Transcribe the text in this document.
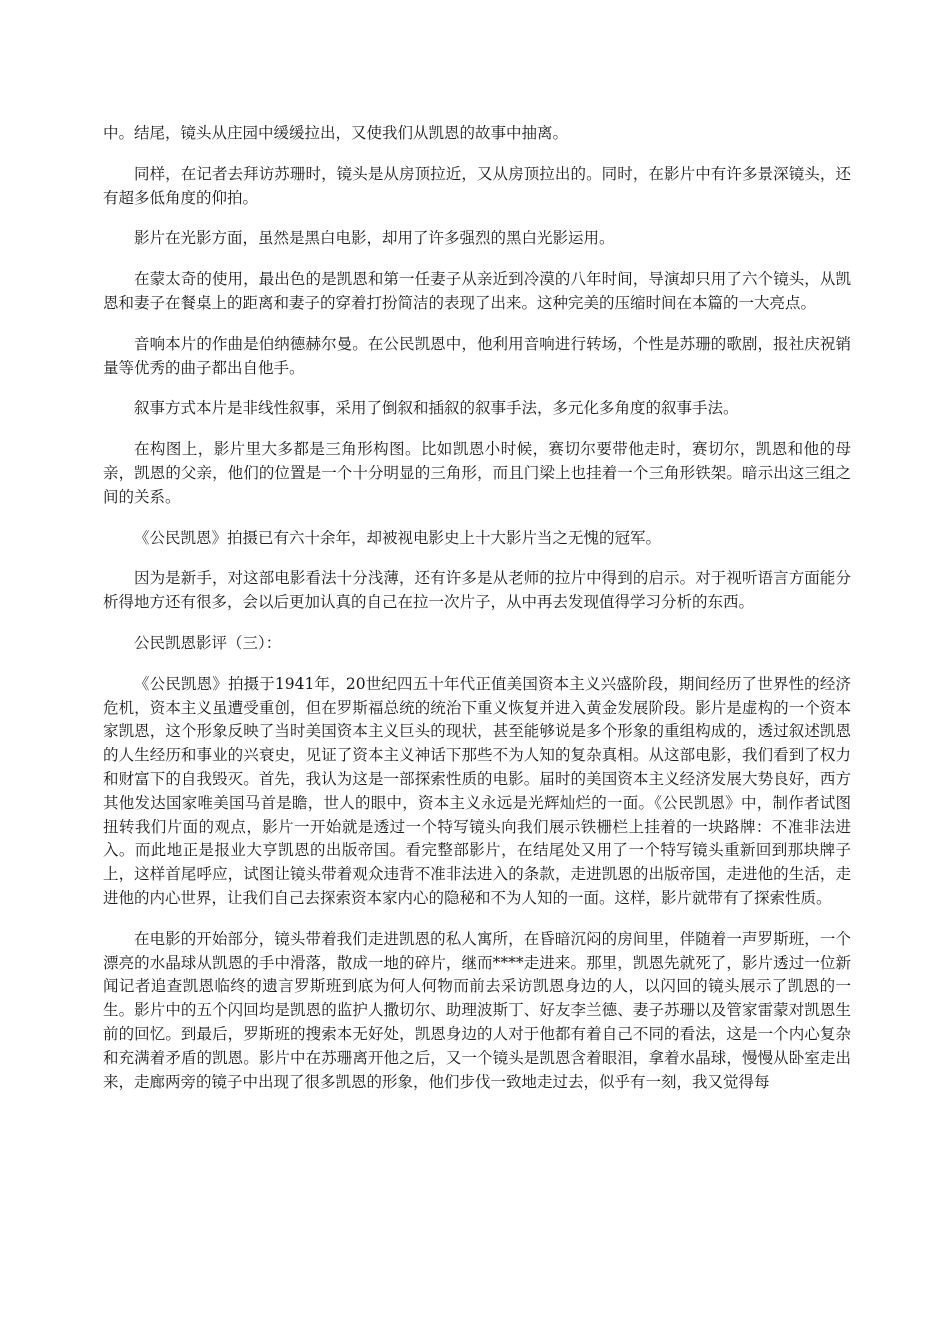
中。结尾，镜头从庄园中缓缓拉出，又使我们从凯恩的故事中抽离。

同样，在记者去拜访苏珊时，镜头是从房顶拉近，又从房顶拉出的。同时，在影片中有许多景深镜头，还有超多低角度的仰拍。

影片在光影方面，虽然是黑白电影，却用了许多强烈的黑白光影运用。

在蒙太奇的使用，最出色的是凯恩和第一任妻子从亲近到冷漠的八年时间，导演却只用了六个镜头，从凯恩和妻子在餐桌上的距离和妻子的穿着打扮简洁的表现了出来。这种完美的压缩时间在本篇的一大亮点。

音响本片的作曲是伯纳德赫尔曼。在公民凯恩中，他利用音响进行转场，个性是苏珊的歌剧，报社庆祝销量等优秀的曲子都出自他手。

叙事方式本片是非线性叙事，采用了倒叙和插叙的叙事手法，多元化多角度的叙事手法。

在构图上，影片里大多都是三角形构图。比如凯恩小时候，赛切尔要带他走时，赛切尔，凯恩和他的母亲，凯恩的父亲，他们的位置是一个十分明显的三角形，而且门梁上也挂着一个三角形铁架。暗示出这三组之间的关系。

《公民凯恩》拍摄已有六十余年，却被视电影史上十大影片当之无愧的冠军。

因为是新手，对这部电影看法十分浅薄，还有许多是从老师的拉片中得到的启示。对于视听语言方面能分析得地方还有很多，会以后更加认真的自己在拉一次片子，从中再去发现值得学习分析的东西。

公民凯恩影评（三）：

《公民凯恩》拍摄于1941年，20世纪四五十年代正值美国资本主义兴盛阶段，期间经历了世界性的经济危机，资本主义虽遭受重创，但在罗斯福总统的统治下重义恢复并进入黄金发展阶段。影片是虚构的一个资本家凯恩，这个形象反映了当时美国资本主义巨头的现状，甚至能够说是多个形象的重组构成的，透过叙述凯恩的人生经历和事业的兴衰史，见证了资本主义神话下那些不为人知的复杂真相。从这部电影，我们看到了权力和财富下的自我毁灭。首先，我认为这是一部探索性质的电影。届时的美国资本主义经济发展大势良好，西方其他发达国家唯美国马首是瞻，世人的眼中，资本主义永远是光辉灿烂的一面。《公民凯恩》中，制作者试图扭转我们片面的观点，影片一开始就是透过一个特写镜头向我们展示铁栅栏上挂着的一块路牌：不准非法进入。而此地正是报业大亨凯恩的出版帝国。看完整部影片，在结尾处又用了一个特写镜头重新回到那块牌子上，这样首尾呼应，试图让镜头带着观众违背不准非法进入的条款，走进凯恩的出版帝国，走进他的生活，走进他的内心世界，让我们自己去探索资本家内心的隐秘和不为人知的一面。这样，影片就带有了探索性质。

在电影的开始部分，镜头带着我们走进凯恩的私人寓所，在昏暗沉闷的房间里，伴随着一声罗斯班，一个漂亮的水晶球从凯恩的手中滑落，散成一地的碎片，继而****走进来。那里，凯恩先就死了，影片透过一位新闻记者追查凯恩临终的遗言罗斯班到底为何人何物而前去采访凯恩身边的人，以闪回的镜头展示了凯恩的一生。影片中的五个闪回均是凯恩的监护人撒切尔、助理波斯丁、好友李兰德、妻子苏珊以及管家雷蒙对凯恩生前的回忆。到最后，罗斯班的搜索本无好处，凯恩身边的人对于他都有着自己不同的看法，这是一个内心复杂和充满着矛盾的凯恩。影片中在苏珊离开他之后，又一个镜头是凯恩含着眼泪，拿着水晶球，慢慢从卧室走出来，走廊两旁的镜子中出现了很多凯恩的形象，他们步伐一致地走过去，似乎有一刻，我又觉得每
